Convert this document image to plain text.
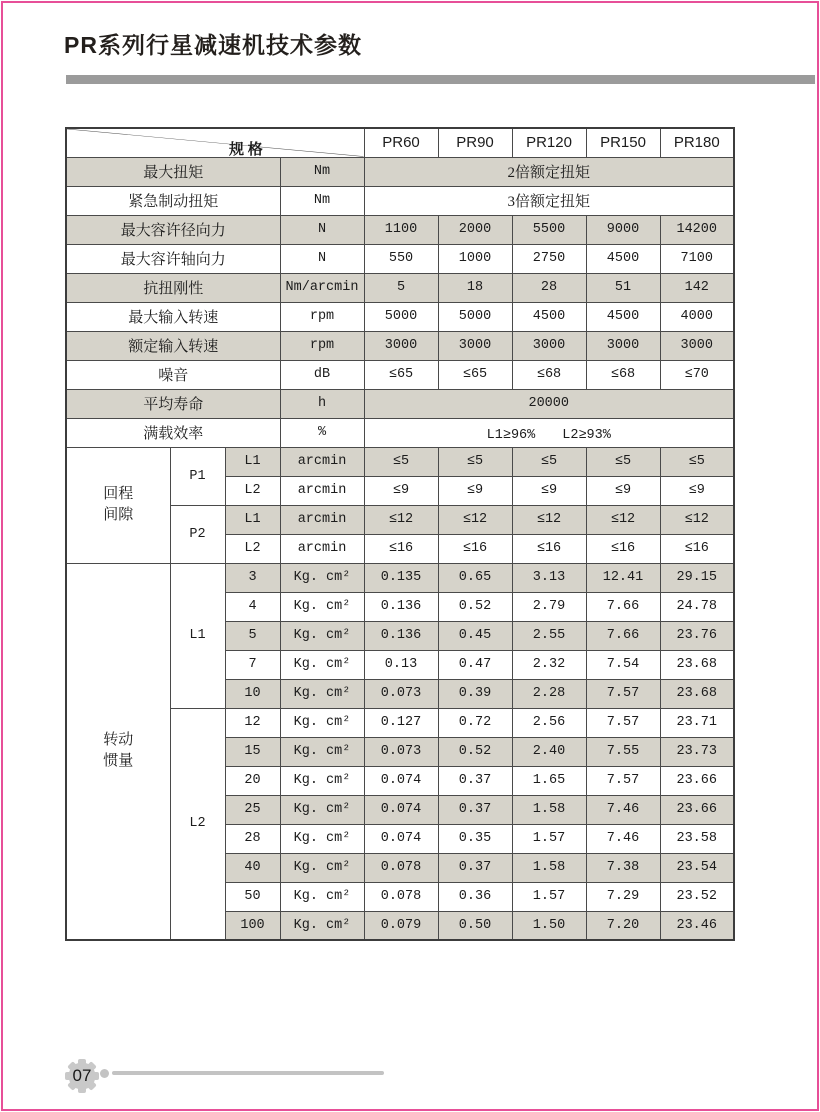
PR系列行星减速机技术参数
规 格				PR60	PR90	PR120	PR150	PR180
最大扭矩			Nm	2倍额定扭矩				
紧急制动扭矩			Nm	3倍额定扭矩				
最大容许径向力			N	1100	2000	5500	9000	14200
最大容许轴向力			N	550	1000	2750	4500	7100
抗扭刚性			Nm/arcmin	5	18	28	51	142
最大输入转速			rpm	5000	5000	4500	4500	4000
额定输入转速			rpm	3000	3000	3000	3000	3000
噪音			dB	≤65	≤65	≤68	≤68	≤70
平均寿命			h	20000				
满载效率			%	L1≥96%　　L2≥93%				

回程
间隙	P1	L1	arcmin	≤5	≤5	≤5	≤5	≤5
		L2	arcmin	≤9	≤9	≤9	≤9	≤9
	P2	L1	arcmin	≤12	≤12	≤12	≤12	≤12
		L2	arcmin	≤16	≤16	≤16	≤16	≤16

转动
惯量	L1	3	Kg. cm²	0.135	0.65	3.13	12.41	29.15
		4	Kg. cm²	0.136	0.52	2.79	7.66	24.78
		5	Kg. cm²	0.136	0.45	2.55	7.66	23.76
		7	Kg. cm²	0.13	0.47	2.32	7.54	23.68
		10	Kg. cm²	0.073	0.39	2.28	7.57	23.68
	L2	12	Kg. cm²	0.127	0.72	2.56	7.57	23.71
		15	Kg. cm²	0.073	0.52	2.40	7.55	23.73
		20	Kg. cm²	0.074	0.37	1.65	7.57	23.66
		25	Kg. cm²	0.074	0.37	1.58	7.46	23.66
		28	Kg. cm²	0.074	0.35	1.57	7.46	23.58
		40	Kg. cm²	0.078	0.37	1.58	7.38	23.54
		50	Kg. cm²	0.078	0.36	1.57	7.29	23.52
		100	Kg. cm²	0.079	0.50	1.50	7.20	23.46
07
